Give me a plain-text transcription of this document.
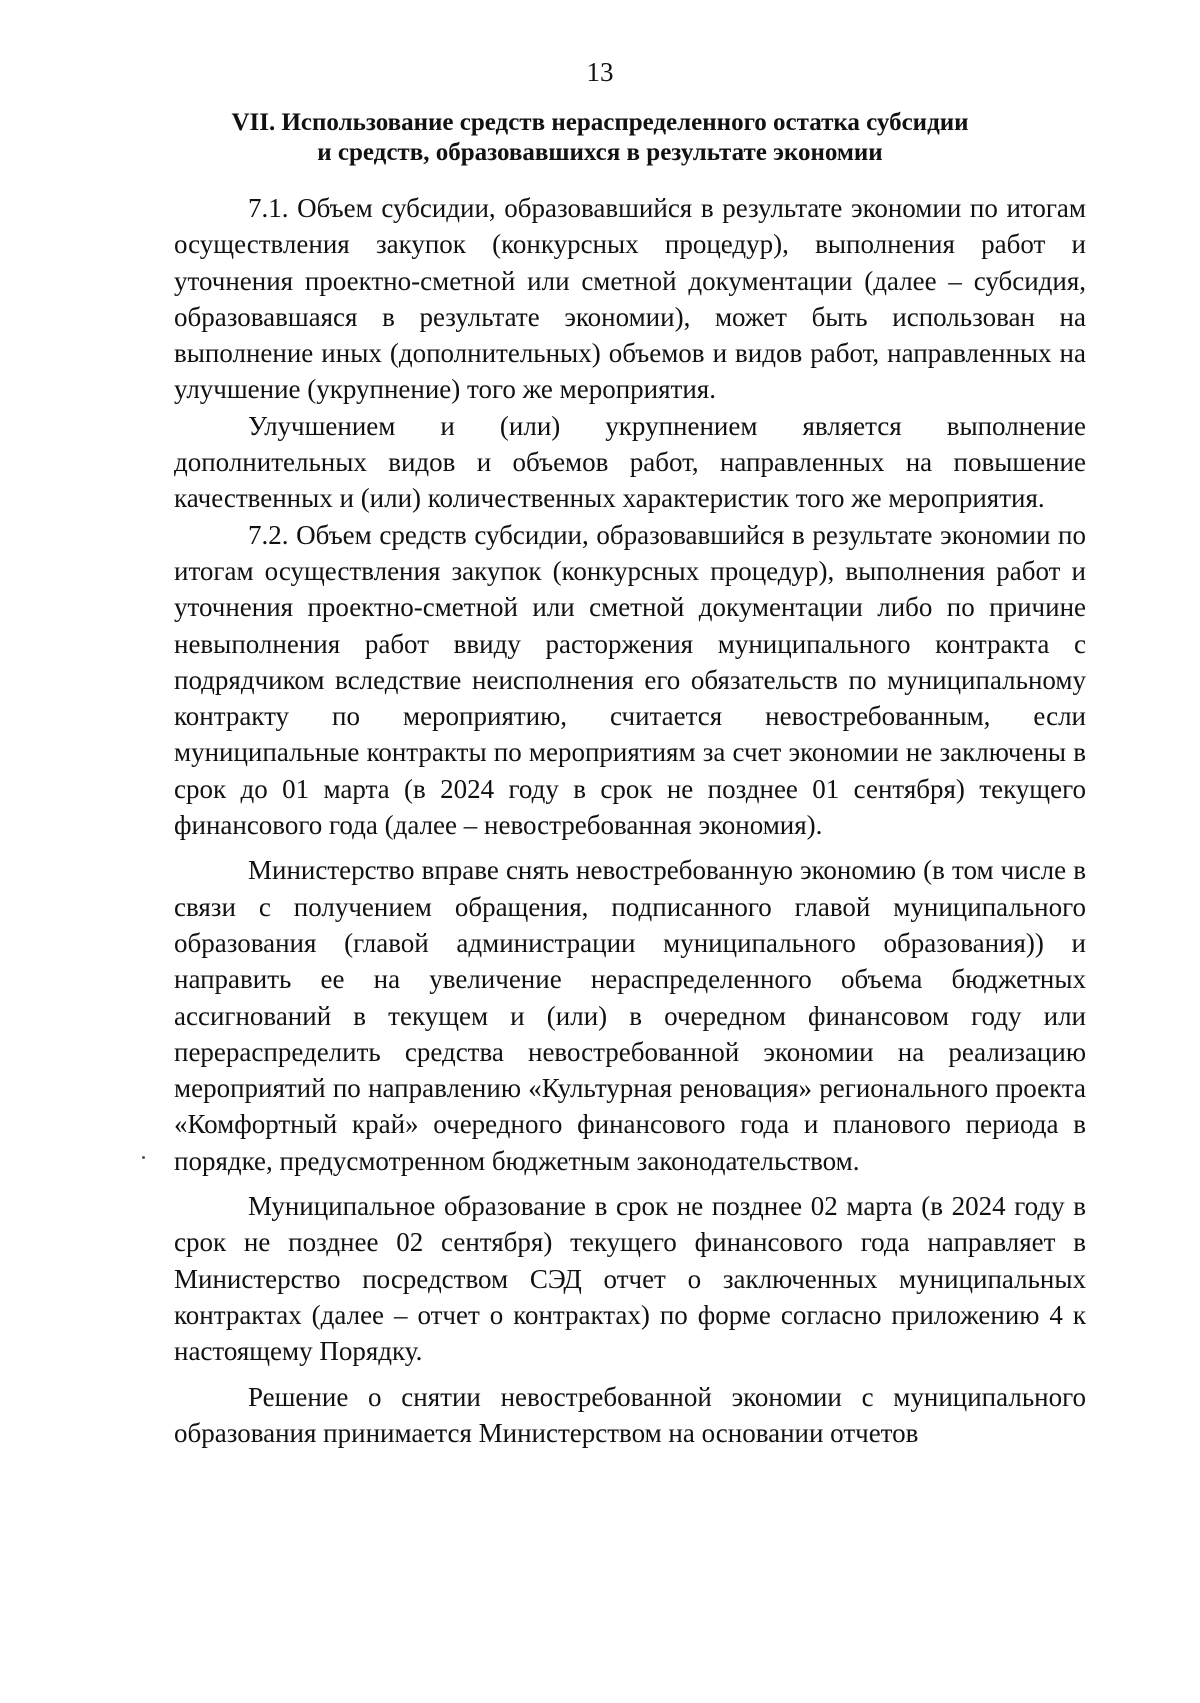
13
VII. Использование средств нераспределенного остатка субсидии
и средств, образовавшихся в результате экономии

7.1. Объем субсидии, образовавшийся в результате экономии по итогам осуществления закупок (конкурсных процедур), выполнения работ и уточнения проектно-сметной или сметной документации (далее – субсидия, образовавшаяся в результате экономии), может быть использован на выполнение иных (дополнительных) объемов и видов работ, направленных на улучшение (укрупнение) того же мероприятия.

Улучшением и (или) укрупнением является выполнение дополнительных видов и объемов работ, направленных на повышение качественных и (или) количественных характеристик того же мероприятия.

7.2. Объем средств субсидии, образовавшийся в результате экономии по итогам осуществления закупок (конкурсных процедур), выполнения работ и уточнения проектно-сметной или сметной документации либо по причине невыполнения работ ввиду расторжения муниципального контракта с подрядчиком вследствие неисполнения его обязательств по муниципальному контракту по мероприятию, считается невостребованным, если муниципальные контракты по мероприятиям за счет экономии не заключены в срок до 01 марта (в 2024 году в срок не позднее 01 сентября) текущего финансового года (далее – невостребованная экономия).

Министерство вправе снять невостребованную экономию (в том числе в связи с получением обращения, подписанного главой муниципального образования (главой администрации муниципального образования)) и направить ее на увеличение нераспределенного объема бюджетных ассигнований в текущем и (или) в очередном финансовом году или перераспределить средства невостребованной экономии на реализацию мероприятий по направлению «Культурная реновация» регионального проекта «Комфортный край» очередного финансового года и планового периода в порядке, предусмотренном бюджетным законодательством.

Муниципальное образование в срок не позднее 02 марта (в 2024 году в срок не позднее 02 сентября) текущего финансового года направляет в Министерство посредством СЭД отчет о заключенных муниципальных контрактах (далее – отчет о контрактах) по форме согласно приложению 4 к настоящему Порядку.

Решение о снятии невостребованной экономии с муниципального образования принимается Министерством на основании отчетов
